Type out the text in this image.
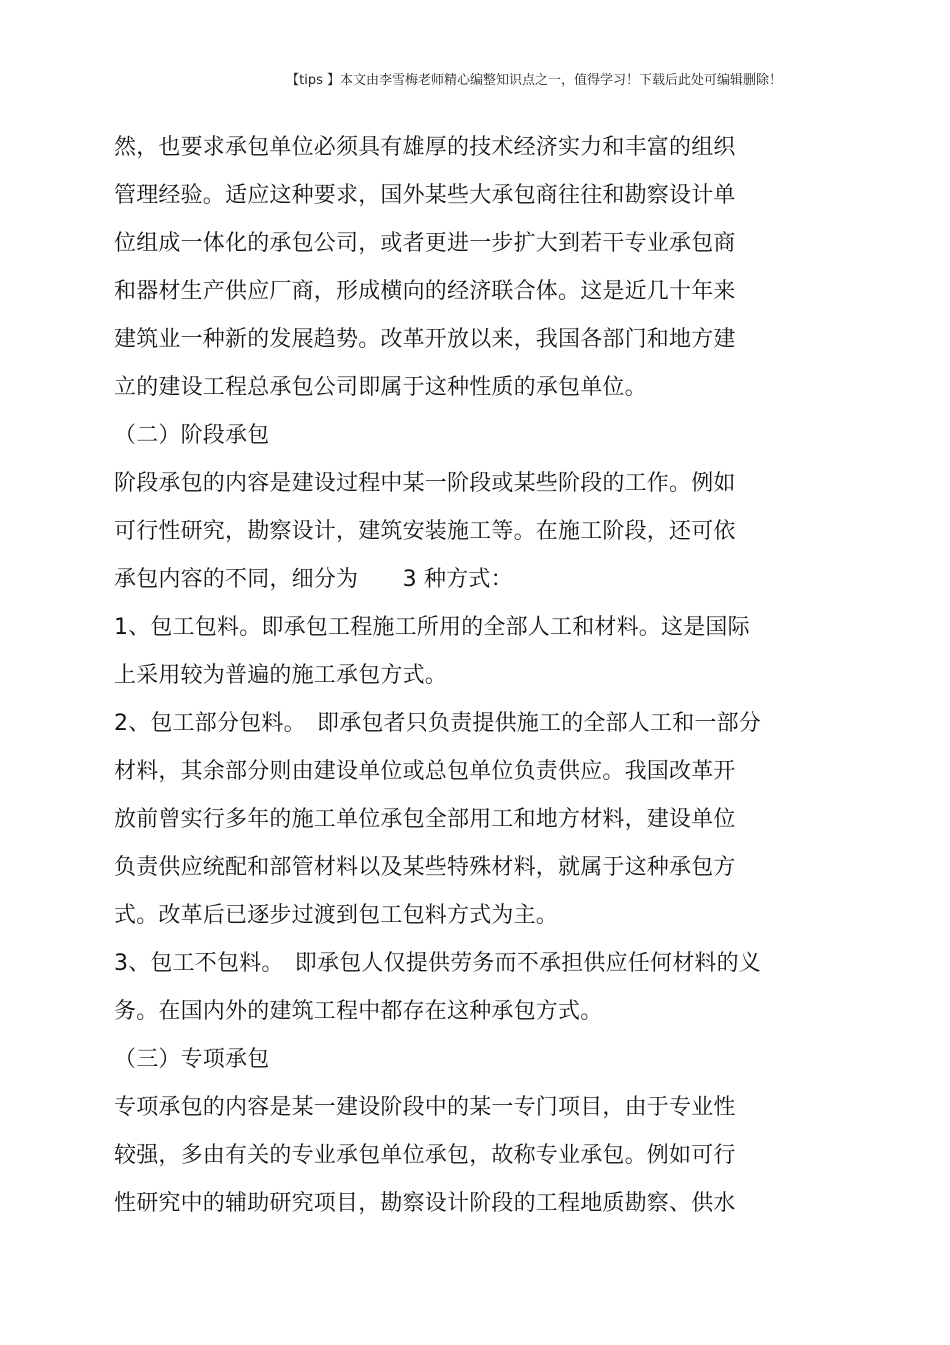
【tips 】本文由李雪梅老师精心编整知识点之一，值得学习！下载后此处可编辑删除！
然，也要求承包单位必须具有雄厚的技术经济实力和丰富的组织
管理经验。适应这种要求，国外某些大承包商往往和勘察设计单
位组成一体化的承包公司，或者更进一步扩大到若干专业承包商
和器材生产供应厂商，形成横向的经济联合体。这是近几十年来
建筑业一种新的发展趋势。改革开放以来，我国各部门和地方建
立的建设工程总承包公司即属于这种性质的承包单位。
（二）阶段承包
阶段承包的内容是建设过程中某一阶段或某些阶段的工作。例如
可行性研究，勘察设计，建筑安装施工等。在施工阶段，还可依
承包内容的不同，细分为　　3 种方式：
1、包工包料。即承包工程施工所用的全部人工和材料。这是国际
上采用较为普遍的施工承包方式。
2、包工部分包料。　即承包者只负责提供施工的全部人工和一部分
材料，其余部分则由建设单位或总包单位负责供应。我国改革开
放前曾实行多年的施工单位承包全部用工和地方材料，建设单位
负责供应统配和部管材料以及某些特殊材料，就属于这种承包方
式。改革后已逐步过渡到包工包料方式为主。
3、包工不包料。　即承包人仅提供劳务而不承担供应任何材料的义
务。在国内外的建筑工程中都存在这种承包方式。
（三）专项承包
专项承包的内容是某一建设阶段中的某一专门项目，由于专业性
较强，多由有关的专业承包单位承包，故称专业承包。例如可行
性研究中的辅助研究项目，勘察设计阶段的工程地质勘察、供水
